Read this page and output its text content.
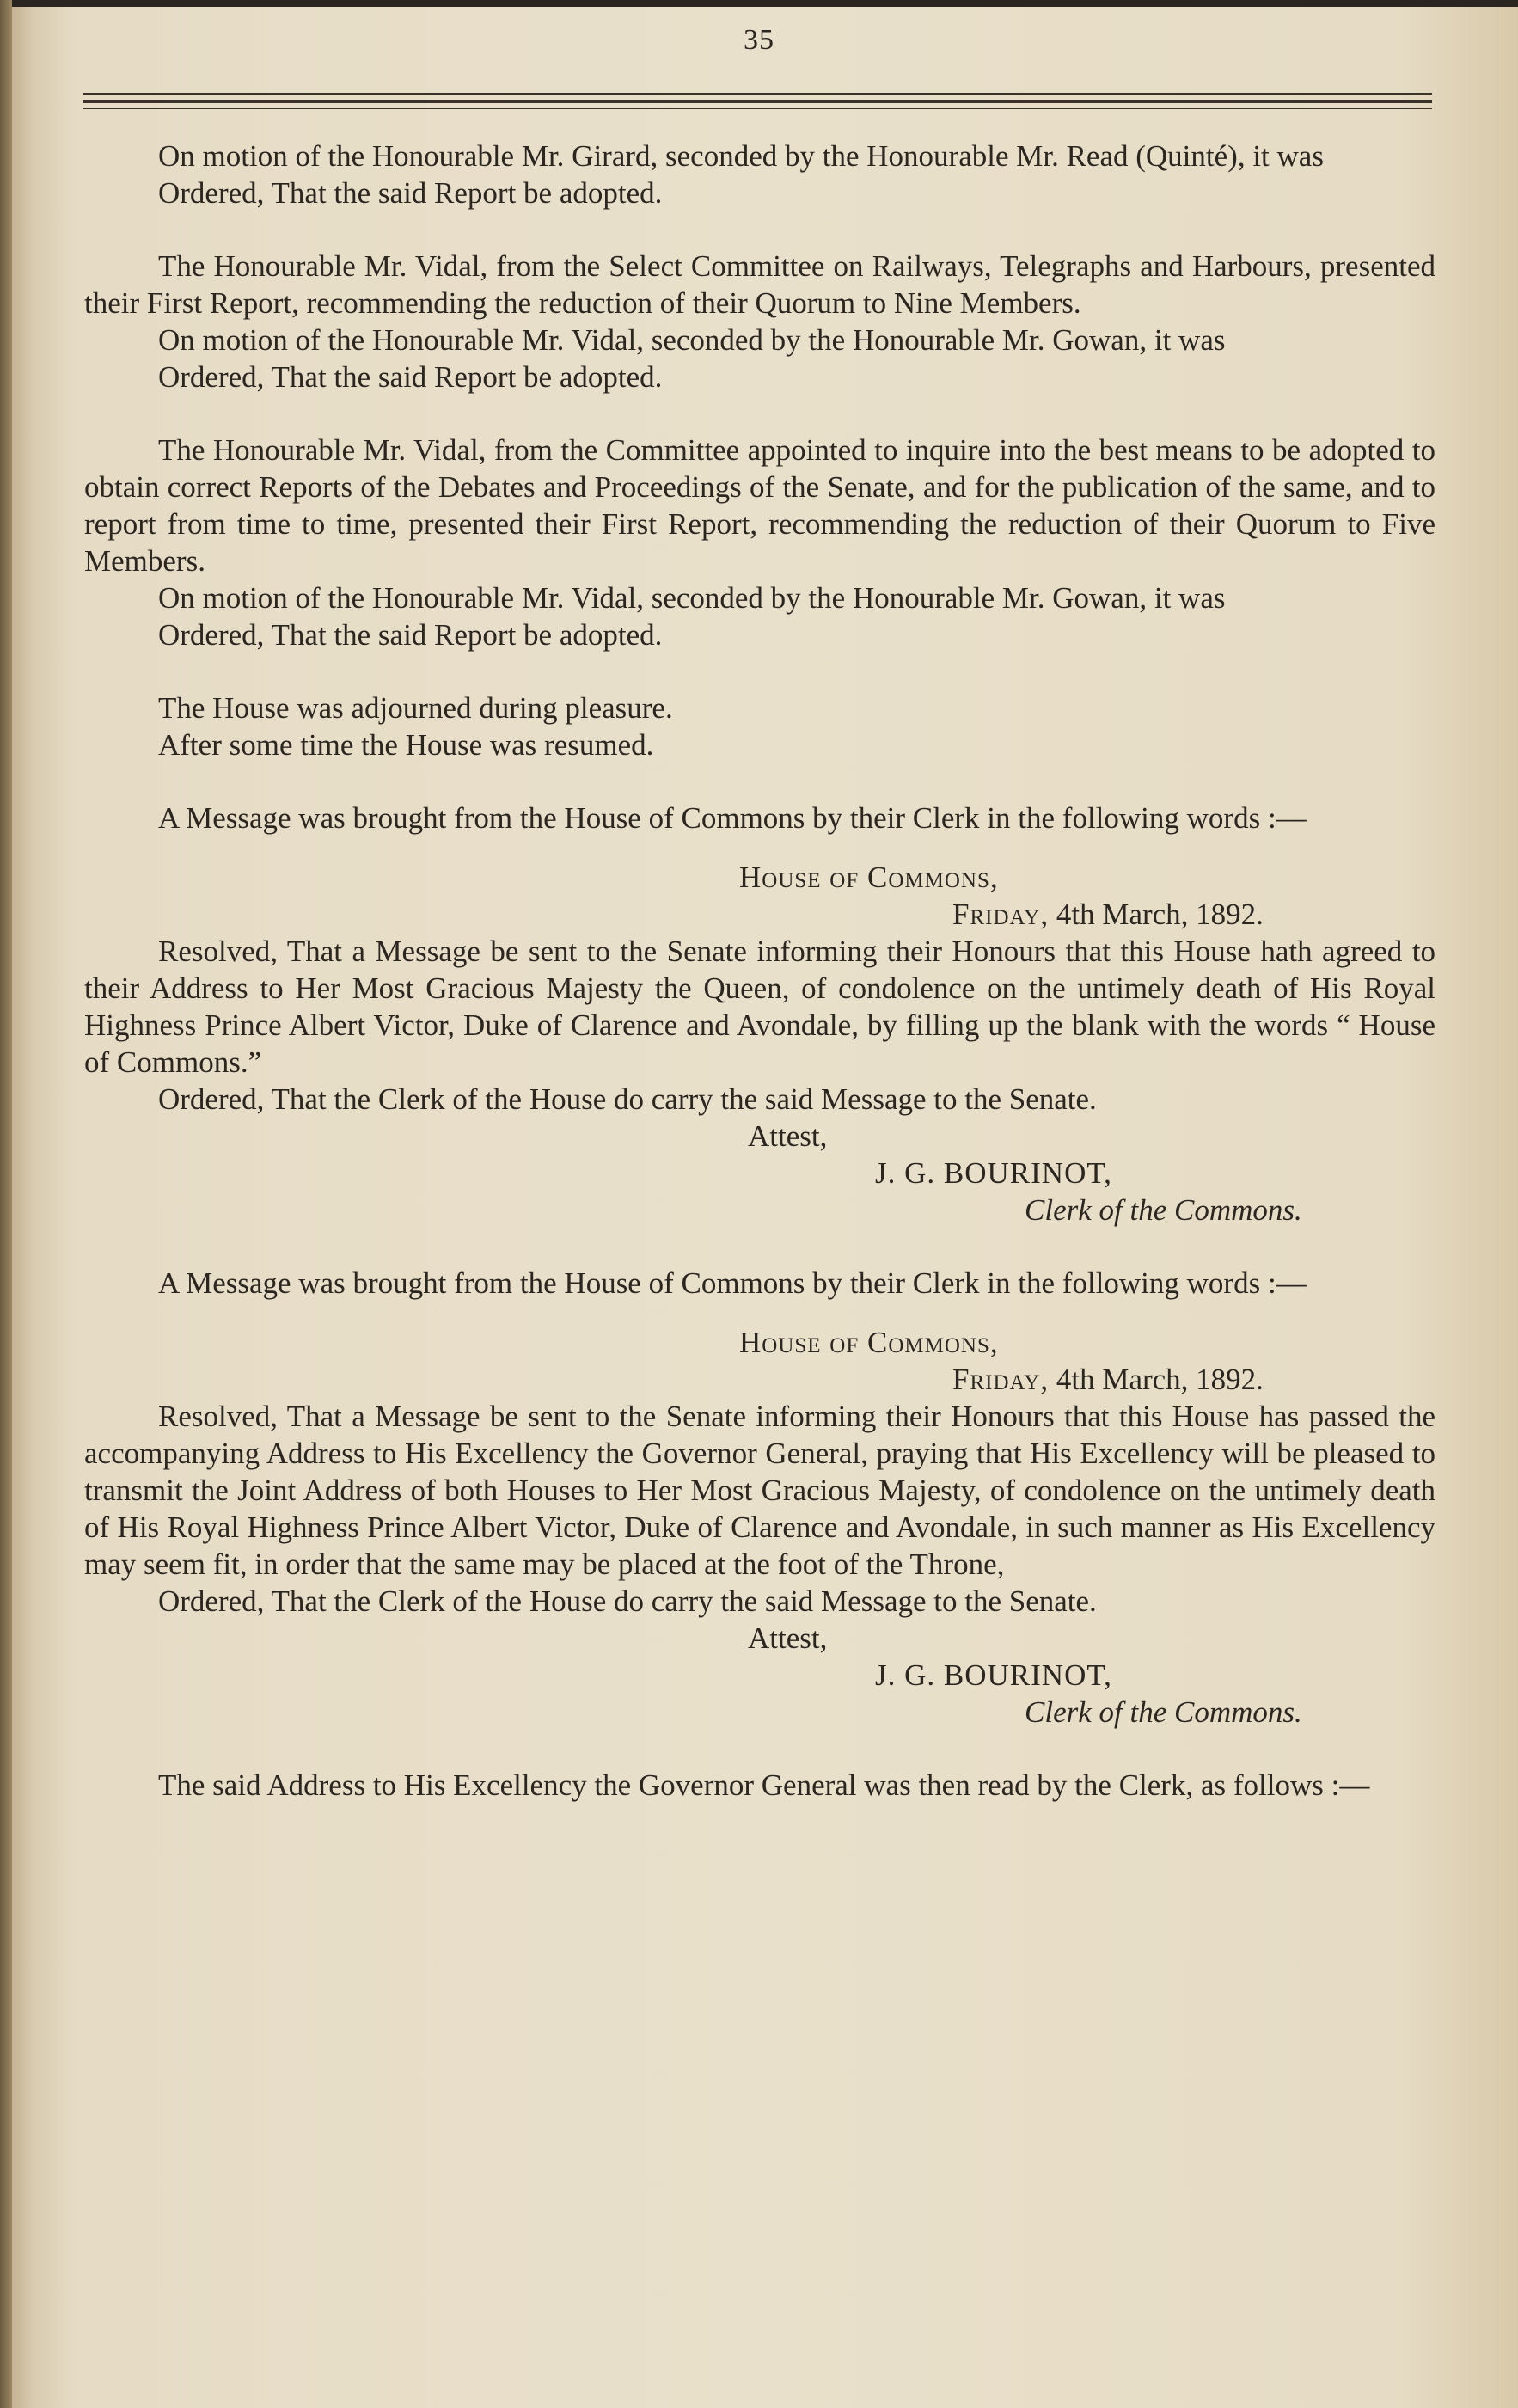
35

On motion of the Honourable Mr. Girard, seconded by the Honourable Mr. Read (Quinté), it was

Ordered, That the said Report be adopted.

The Honourable Mr. Vidal, from the Select Committee on Railways, Telegraphs and Harbours, presented their First Report, recommending the reduction of their Quorum to Nine Members.

On motion of the Honourable Mr. Vidal, seconded by the Honourable Mr. Gowan, it was

Ordered, That the said Report be adopted.

The Honourable Mr. Vidal, from the Committee appointed to inquire into the best means to be adopted to obtain correct Reports of the Debates and Proceedings of the Senate, and for the publication of the same, and to report from time to time, presented their First Report, recommending the reduction of their Quorum to Five Members.

On motion of the Honourable Mr. Vidal, seconded by the Honourable Mr. Gowan, it was

Ordered, That the said Report be adopted.

The House was adjourned during pleasure.

After some time the House was resumed.

A Message was brought from the House of Commons by their Clerk in the following words :—

House of Commons,

Friday, 4th March, 1892.

Resolved, That a Message be sent to the Senate informing their Honours that this House hath agreed to their Address to Her Most Gracious Majesty the Queen, of condolence on the untimely death of His Royal Highness Prince Albert Victor, Duke of Clarence and Avondale, by filling up the blank with the words “ House of Commons.”

Ordered, That the Clerk of the House do carry the said Message to the Senate.

Attest,

J. G. BOURINOT,

Clerk of the Commons.

A Message was brought from the House of Commons by their Clerk in the following words :—

House of Commons,

Friday, 4th March, 1892.

Resolved, That a Message be sent to the Senate informing their Honours that this House has passed the accompanying Address to His Excellency the Governor General, praying that His Excellency will be pleased to transmit the Joint Address of both Houses to Her Most Gracious Majesty, of condolence on the untimely death of His Royal Highness Prince Albert Victor, Duke of Clarence and Avondale, in such manner as His Excellency may seem fit, in order that the same may be placed at the foot of the Throne,

Ordered, That the Clerk of the House do carry the said Message to the Senate.

Attest,

J. G. BOURINOT,

Clerk of the Commons.

The said Address to His Excellency the Governor General was then read by the Clerk, as follows :—
